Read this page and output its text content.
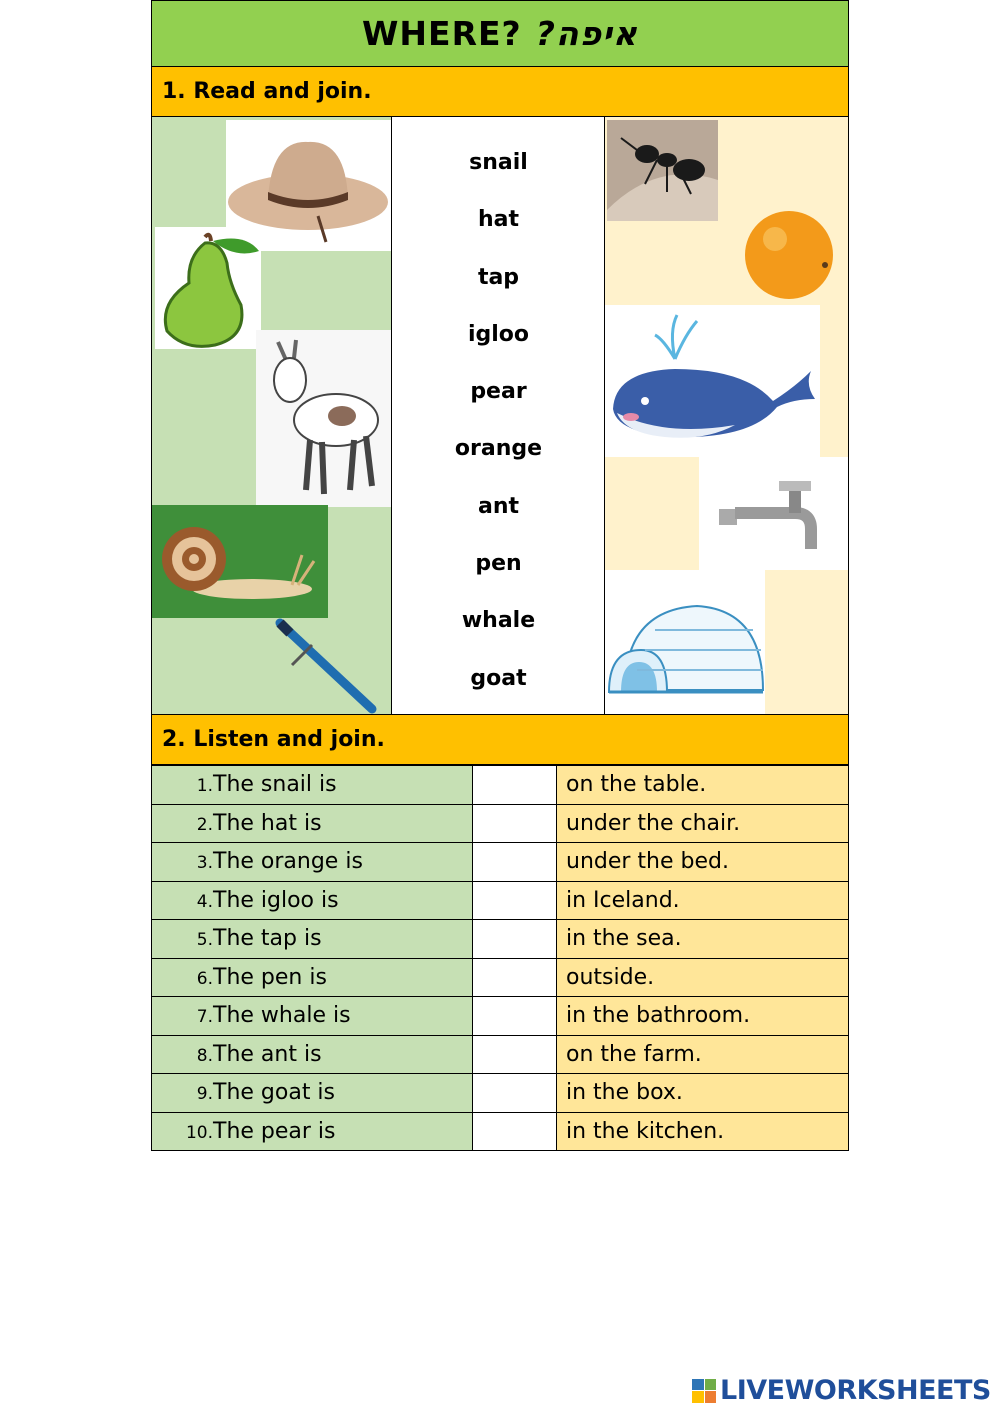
WHERE? איפה?
1. Read and join.
snail
hat
tap
igloo
pear
orange
ant
pen
whale
goat
2. Listen and join.
1.The snail is		on the table.
2.The hat is		under the chair.
3.The orange is		under the bed.
4.The igloo is		in Iceland.
5.The tap is		in the sea.
6.The pen is		outside.
7.The whale is		in the bathroom.
8.The ant is		on the farm.
9.The goat is		in the box.
10.The pear is		in the kitchen.
LIVEWORKSHEETS
